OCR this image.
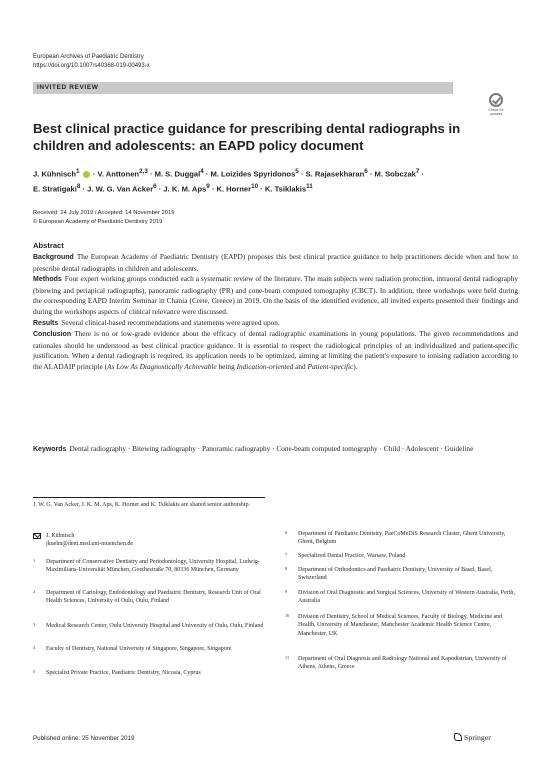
European Archives of Paediatric Dentistry
https://doi.org/10.1007/s40368-019-00493-x
INVITED REVIEW
Check for
updates
Best clinical practice guidance for prescribing dental radiographs in children and adolescents: an EAPD policy document
J. Kühnisch$^1$  · V. Anttonen$^{2,3}$ · M. S. Duggal$^4$ · M. Loizides Spyridonos$^5$ · S. Rajasekharan$^6$ · M. Sobczak$^7$ ·
E. Stratigaki$^8$ · J. W. G. Van Acker$^6$ · J. K. M. Aps$^9$ · K. Horner$^{10}$ · K. Tsiklakis$^{11}$
Received: 24 July 2019 / Accepted: 14 November 2019
© European Academy of Paediatric Dentistry 2019
Abstract

Background The European Academy of Paediatric Dentistry (EAPD) proposes this best clinical practice guidance to help practitioners decide when and how to prescribe dental radiographs in children and adolescents.

Methods Four expert working groups conducted each a systematic review of the literature. The main subjects were radiation protection, intraoral dental radiography (bitewing and periapical radiographs), panoramic radiography (PR) and cone-beam computed tomography (CBCT). In addition, three workshops were held during the corresponding EAPD Interim Seminar in Chania (Crete, Greece) in 2019. On the basis of the identified evidence, all invited experts presented their findings and during the workshops aspects of clinical relevance were discussed.

Results Several clinical-based recommendations and statements were agreed upon.

Conclusion There is no or low-grade evidence about the efficacy of dental radiographic examinations in young populations. The given recommendations and rationales should be understood as best clinical practice guidance. It is essential to respect the radiological principles of an individualized and patient-specific justification. When a dental radiograph is required, its application needs to be optimized, aiming at limiting the patient's exposure to ionising radiation according to the ALADAIP principle (As Low As Diagnostically Achievable being Indication-oriented and Patient-specific).

Keywords Dental radiography · Bitewing radiography · Panoramic radiography · Cone-beam computed tomography · Child · Adolescent · Guideline
J. W. G. Van Acker, J. K. M. Aps, K. Horner and K. Tsiklakis are shared senior authorship.
J. Kühnisch
jkuehn@dent.med.uni-muenchen.de
1	Department of Conservative Dentistry and Periodontology, University Hospital, Ludwig-Maximilians-Universität München, Goethestraße 70, 80336 München, Germany
2	Department of Cariology, Endodontology and Paediatric Dentistry, Research Unit of Oral Health Sciences, University of Oulu, Oulu, Finland
3	Medical Research Center, Oulu University Hospital and University of Oulu, Oulu, Finland
4	Faculty of Dentistry, National University of Singapore, Singapore, Singapore
5	Specialist Private Practice, Paediatric Dentistry, Nicosia, Cyprus
6	Department of Paediatric Dentistry, PaeCoMeDiS Research Cluster, Ghent University, Ghent, Belgium
7	Specialized Dental Practice, Warsaw, Poland
8	Department of Orthodontics and Paediatric Dentistry, University of Basel, Basel, Switzerland
9	Division of Oral Diagnostic and Surgical Sciences, University of Western Australia, Perth, Australia
10	Division of Dentistry, School of Medical Sciences, Faculty of Biology, Medicine and Health, University of Manchester, Manchester Academic Health Science Centre, Manchester, UK
11	Department of Oral Diagnosis and Radiology National and Kapodistrian, University of Athens, Athens, Greece
Published online: 25 November 2019	Springer
